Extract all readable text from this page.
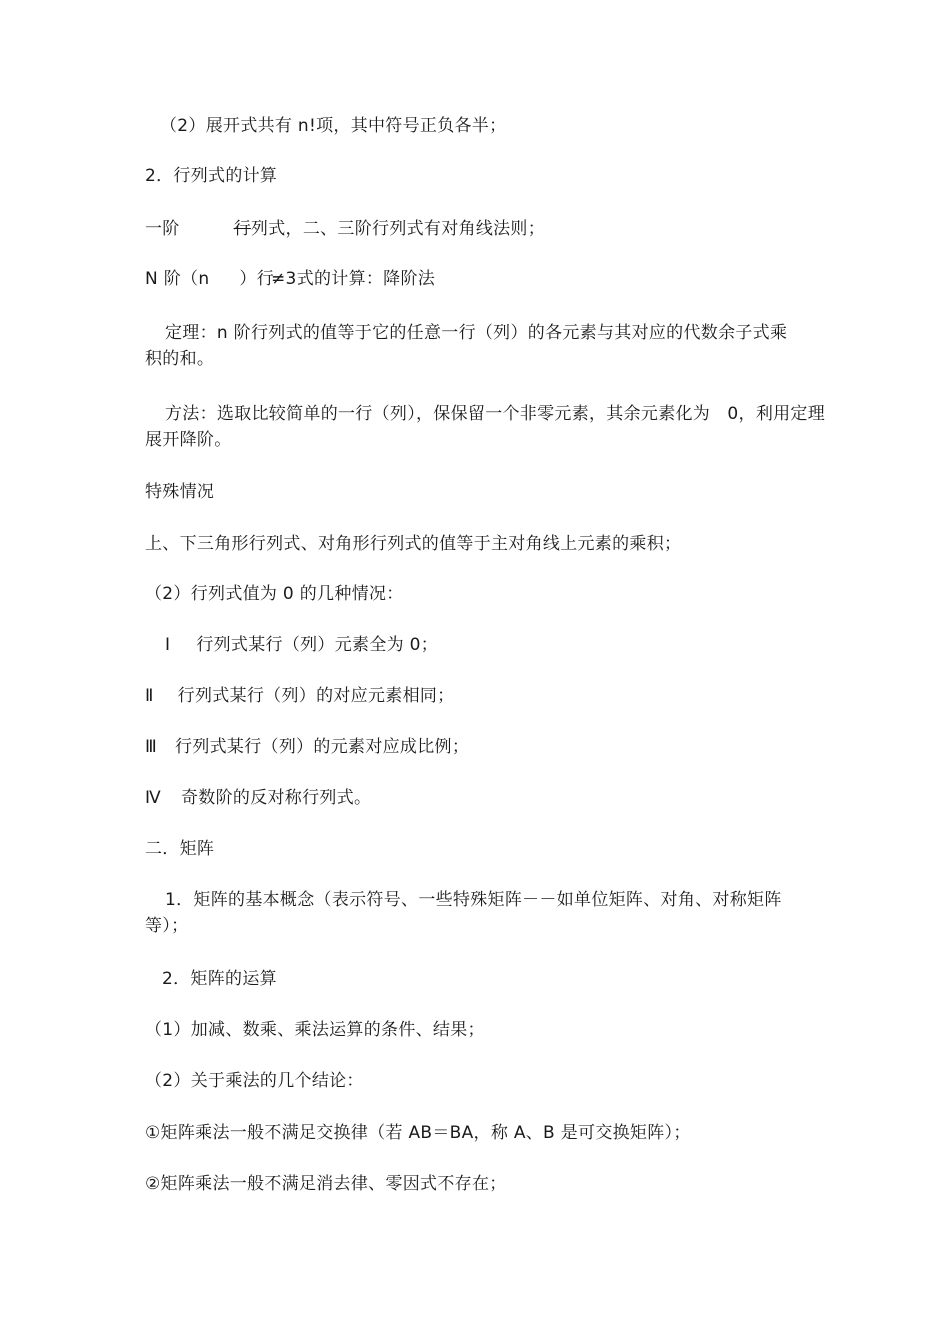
（2）展开式共有 n!项，其中符号正负各半；
2．行列式的计算
一阶	行列式，二、三阶行列式有对角线法则；
N 阶（n ）行≠3式的计算：降阶法
定理：n 阶行列式的值等于它的任意一行（列）的各元素与其对应的代数余子式乘积的和。
方法：选取比较简单的一行（列），保保留一个非零元素，其余元素化为　0，利用定理展开降阶。
特殊情况
上、下三角形行列式、对角形行列式的值等于主对角线上元素的乘积；
（2）行列式值为 0 的几种情况：
Ⅰ 行列式某行（列）元素全为 0；
Ⅱ 行列式某行（列）的对应元素相同；
Ⅲ 行列式某行（列）的元素对应成比例；
Ⅳ 奇数阶的反对称行列式。
二．矩阵
1．矩阵的基本概念（表示符号、一些特殊矩阵－－如单位矩阵、对角、对称矩阵等）；
2．矩阵的运算
（1）加减、数乘、乘法运算的条件、结果；
（2）关于乘法的几个结论：
①矩阵乘法一般不满足交换律（若 AB＝BA，称 A、B 是可交换矩阵）；
②矩阵乘法一般不满足消去律、零因式不存在；
